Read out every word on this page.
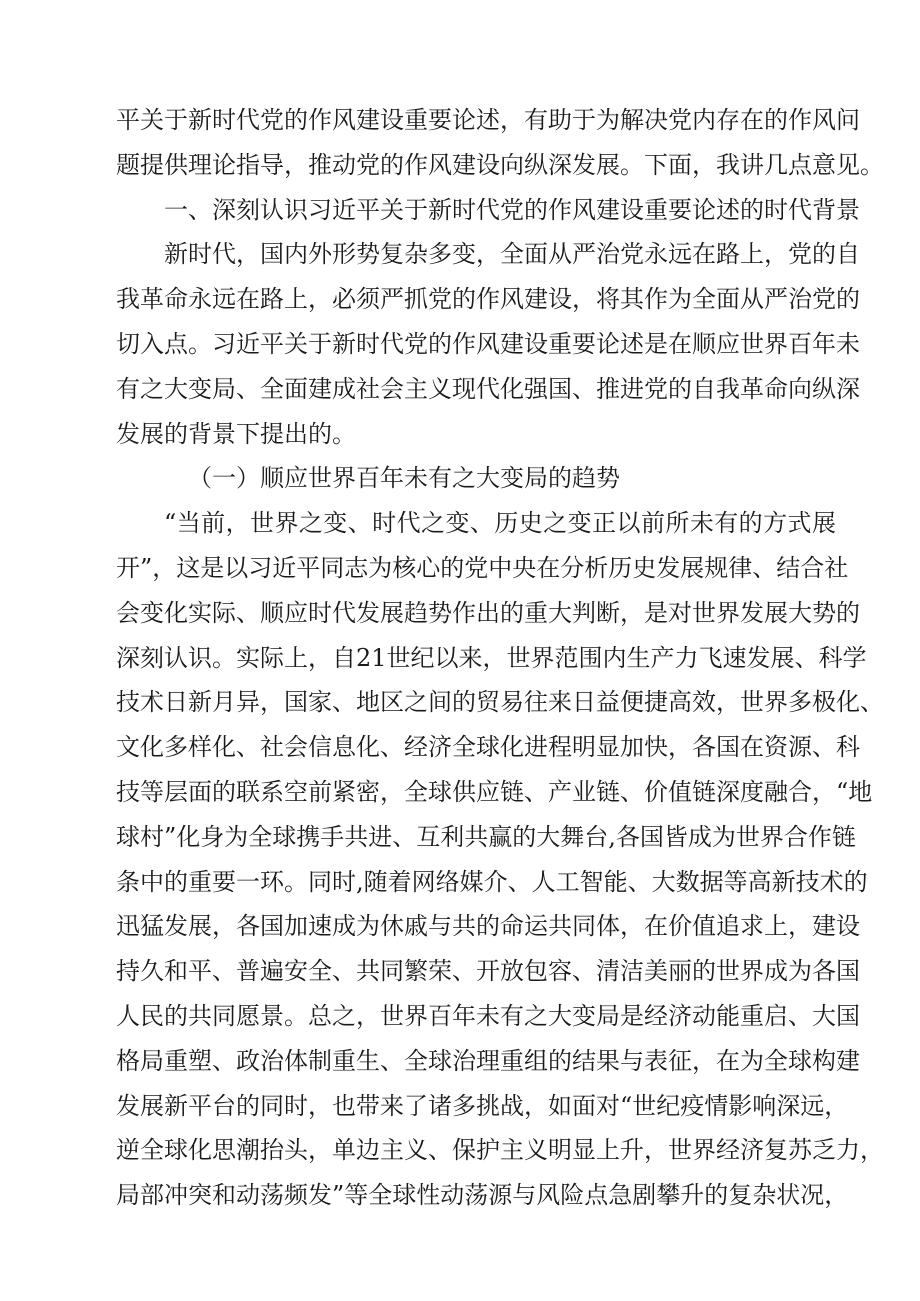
平关于新时代党的作风建设重要论述，有助于为解决党内存在的作风问
题提供理论指导，推动党的作风建设向纵深发展。下面，我讲几点意见。
一、深刻认识习近平关于新时代党的作风建设重要论述的时代背景
新时代，国内外形势复杂多变，全面从严治党永远在路上，党的自
我革命永远在路上，必须严抓党的作风建设，将其作为全面从严治党的
切入点。习近平关于新时代党的作风建设重要论述是在顺应世界百年未
有之大变局、全面建成社会主义现代化强国、推进党的自我革命向纵深
发展的背景下提出的。
（一）顺应世界百年未有之大变局的趋势
“当前，世界之变、时代之变、历史之变正以前所未有的方式展
开”，这是以习近平同志为核心的党中央在分析历史发展规律、结合社
会变化实际、顺应时代发展趋势作出的重大判断，是对世界发展大势的
深刻认识。实际上，自21世纪以来，世界范围内生产力飞速发展、科学
技术日新月异，国家、地区之间的贸易往来日益便捷高效，世界多极化、
文化多样化、社会信息化、经济全球化进程明显加快，各国在资源、科
技等层面的联系空前紧密，全球供应链、产业链、价值链深度融合，“地
球村”化身为全球携手共进、互利共赢的大舞台,各国皆成为世界合作链
条中的重要一环。同时,随着网络媒介、人工智能、大数据等高新技术的
迅猛发展，各国加速成为休戚与共的命运共同体，在价值追求上，建设
持久和平、普遍安全、共同繁荣、开放包容、清洁美丽的世界成为各国
人民的共同愿景。总之，世界百年未有之大变局是经济动能重启、大国
格局重塑、政治体制重生、全球治理重组的结果与表征，在为全球构建
发展新平台的同时，也带来了诸多挑战，如面对“世纪疫情影响深远，
逆全球化思潮抬头，单边主义、保护主义明显上升，世界经济复苏乏力，
局部冲突和动荡频发”等全球性动荡源与风险点急剧攀升的复杂状况，
